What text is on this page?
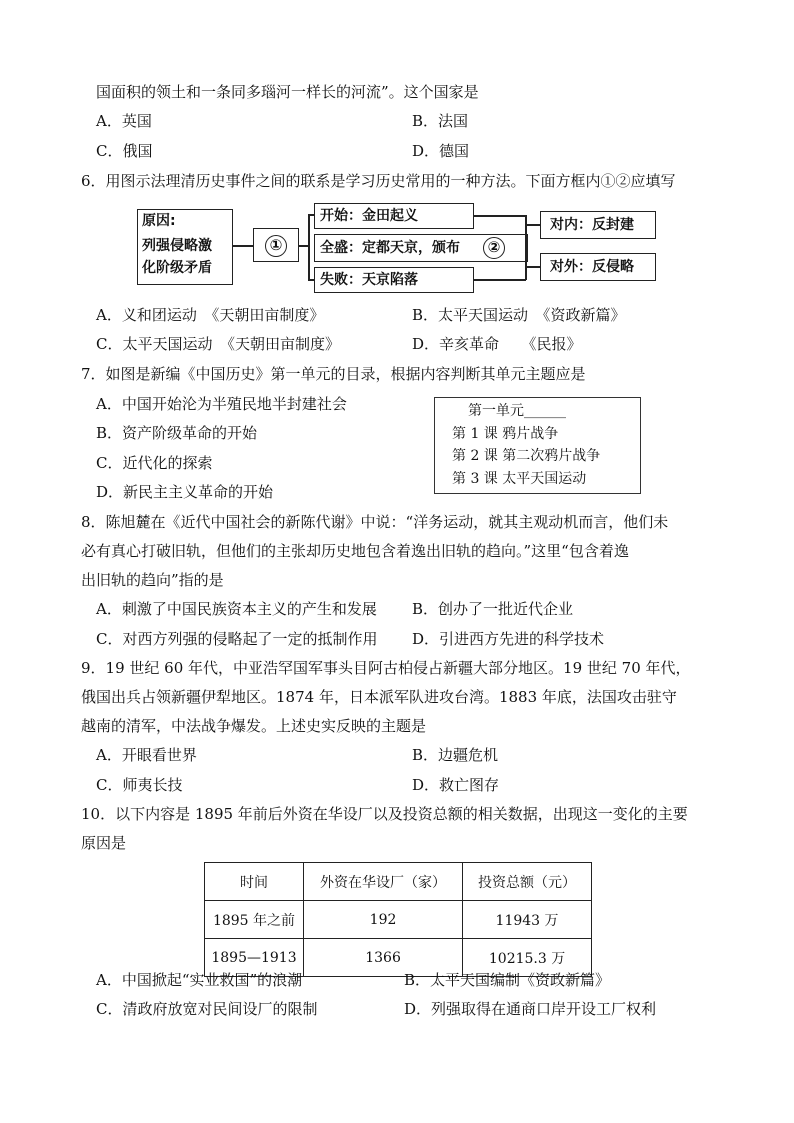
国面积的领土和一条同多瑙河一样长的河流”。这个国家是
A．英国	B．法国
C．俄国	D．德国
6．用图示法理清历史事件之间的联系是学习历史常用的一种方法。下面方框内①②应填写
原因:
列强侵略激
化阶级矛盾
①
开始：金田起义
全盛：定都天京，颁布	②
失败：天京陷落
对内：反封建
对外：反侵略
A．义和团运动　《天朝田亩制度》	B．太平天国运动　《资政新篇》
C．太平天国运动　《天朝田亩制度》	D．辛亥革命　　《民报》
7．如图是新编《中国历史》第一单元的目录，根据内容判断其单元主题应是
A．中国开始沦为半殖民地半封建社会
B．资产阶级革命的开始
C．近代化的探索
D．新民主主义革命的开始
第一单元______
第 1 课 鸦片战争
第 2 课 第二次鸦片战争
第 3 课 太平天国运动
8．陈旭麓在《近代中国社会的新陈代谢》中说：“洋务运动，就其主观动机而言，他们未
必有真心打破旧轨，但他们的主张却历史地包含着逸出旧轨的趋向。”这里“包含着逸
出旧轨的趋向”指的是
A．刺激了中国民族资本主义的产生和发展 B．创办了一批近代企业
C．对西方列强的侵略起了一定的抵制作用 D．引进西方先进的科学技术
9．19 世纪 60 年代，中亚浩罕国军事头目阿古柏侵占新疆大部分地区。19 世纪 70 年代，
俄国出兵占领新疆伊犁地区。1874 年，日本派军队进攻台湾。1883 年底，法国攻击驻守
越南的清军，中法战争爆发。上述史实反映的主题是
A．开眼看世界	B．边疆危机
C．师夷长技	D．救亡图存
10．以下内容是 1895 年前后外资在华设厂以及投资总额的相关数据，出现这一变化的主要
原因是
时间	外资在华设厂（家）	投资总额（元）
1895 年之前	192	11943 万
1895—1913	1366	10215.3 万
A．中国掀起“实业救国”的浪潮	B．太平天国编制《资政新篇》
C．清政府放宽对民间设厂的限制	D．列强取得在通商口岸开设工厂权利
